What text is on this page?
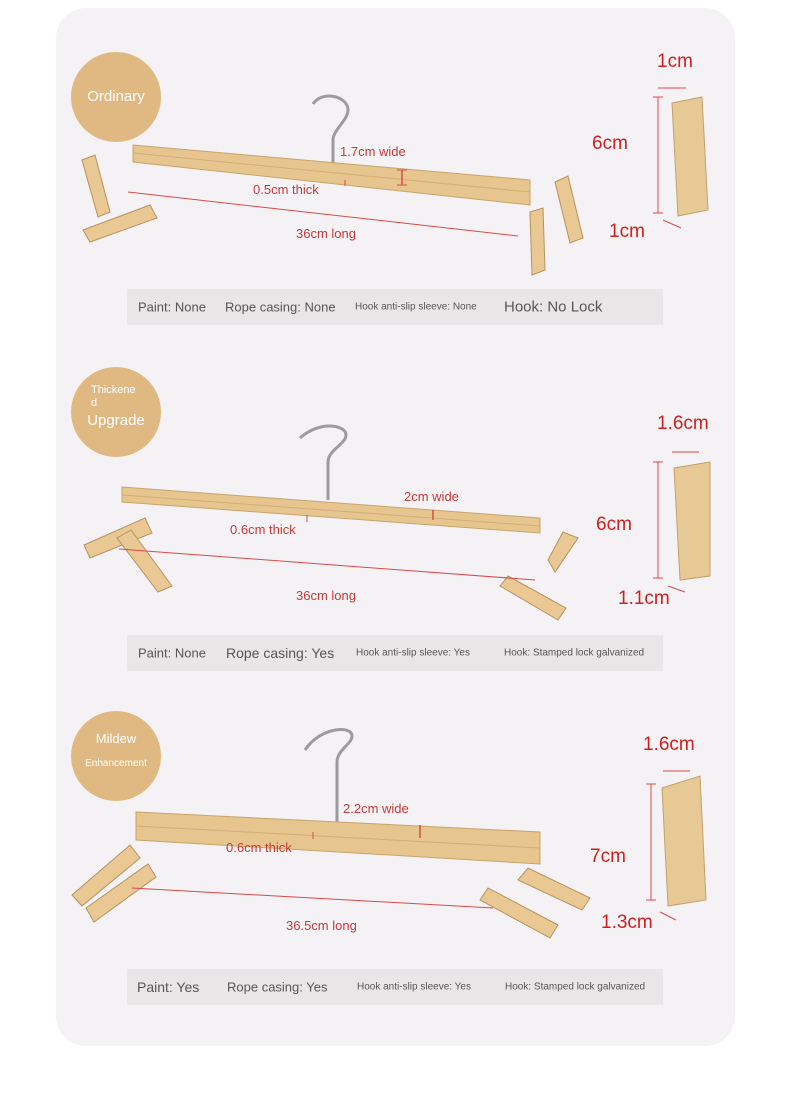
Ordinary
1.7cm wide
0.5cm thick
36cm long
1cm
6cm
1cm
Paint: None Rope casing: None Hook anti-slip sleeve: None Hook: No Lock
Thickene
d
Upgrade
2cm wide
0.6cm thick
36cm long
1.6cm
6cm
1.1cm
Paint: None Rope casing: Yes Hook anti-slip sleeve: Yes	Hook: Stamped lock galvanized
Mildew
Enhancement
2.2cm wide
0.6cm thick
36.5cm long
1.6cm
7cm
1.3cm
Paint: Yes Rope casing: Yes	Hook anti-slip sleeve: Yes	Hook: Stamped lock galvanized
